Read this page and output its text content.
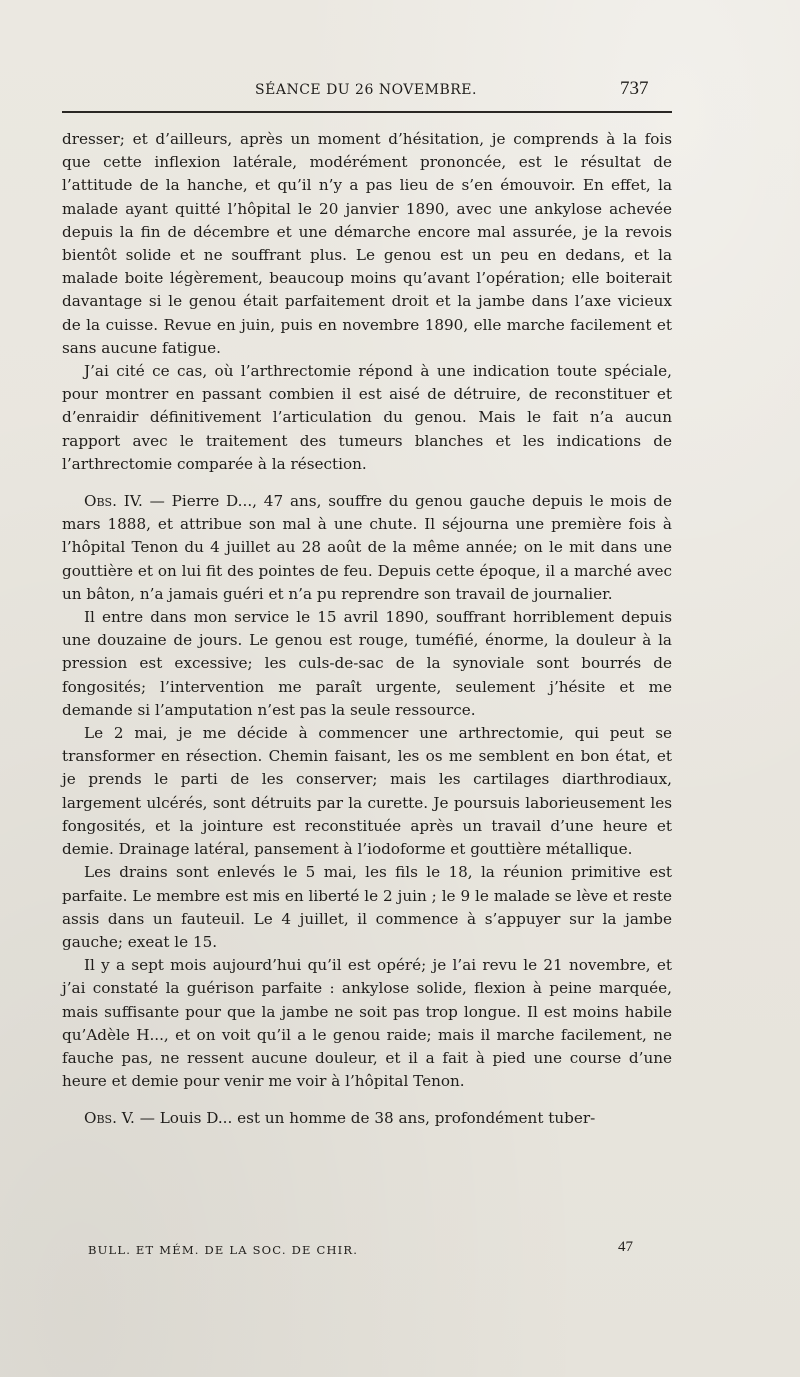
SÉANCE DU 26 NOVEMBRE.	737

dresser; et d’ailleurs, après un moment d’hésitation, je comprends à la fois que cette inflexion latérale, modérément prononcée, est le résultat de l’attitude de la hanche, et qu’il n’y a pas lieu de s’en émouvoir. En effet, la malade ayant quitté l’hôpital le 20 janvier 1890, avec une ankylose achevée depuis la fin de décembre et une démarche encore mal assurée, je la revois bientôt solide et ne souffrant plus. Le genou est un peu en dedans, et la malade boite légèrement, beaucoup moins qu’avant l’opération; elle boiterait davantage si le genou était parfaitement droit et la jambe dans l’axe vicieux de la cuisse. Revue en juin, puis en novembre 1890, elle marche facilement et sans aucune fatigue.

J’ai cité ce cas, où l’arthrectomie répond à une indication toute spéciale, pour montrer en passant combien il est aisé de détruire, de reconstituer et d’enraidir définitivement l’articulation du genou. Mais le fait n’a aucun rapport avec le traitement des tumeurs blanches et les indications de l’arthrectomie comparée à la résection.

Obs. IV. — Pierre D..., 47 ans, souffre du genou gauche depuis le mois de mars 1888, et attribue son mal à une chute. Il séjourna une première fois à l’hôpital Tenon du 4 juillet au 28 août de la même année; on le mit dans une gouttière et on lui fit des pointes de feu. Depuis cette époque, il a marché avec un bâton, n’a jamais guéri et n’a pu reprendre son travail de journalier.

Il entre dans mon service le 15 avril 1890, souffrant horriblement depuis une douzaine de jours. Le genou est rouge, tuméfié, énorme, la douleur à la pression est excessive; les culs-de-sac de la synoviale sont bourrés de fongosités; l’intervention me paraît urgente, seulement j’hésite et me demande si l’amputation n’est pas la seule ressource.

Le 2 mai, je me décide à commencer une arthrectomie, qui peut se transformer en résection. Chemin faisant, les os me semblent en bon état, et je prends le parti de les conserver; mais les cartilages diarthrodiaux, largement ulcérés, sont détruits par la curette. Je poursuis laborieusement les fongosités, et la jointure est reconstituée après un travail d’une heure et demie. Drainage latéral, pansement à l’iodoforme et gouttière métallique.

Les drains sont enlevés le 5 mai, les fils le 18, la réunion primitive est parfaite. Le membre est mis en liberté le 2 juin ; le 9 le malade se lève et reste assis dans un fauteuil. Le 4 juillet, il commence à s’appuyer sur la jambe gauche; exeat le 15.

Il y a sept mois aujourd’hui qu’il est opéré; je l’ai revu le 21 novembre, et j’ai constaté la guérison parfaite : ankylose solide, flexion à peine marquée, mais suffisante pour que la jambe ne soit pas trop longue. Il est moins habile qu’Adèle H..., et on voit qu’il a le genou raide; mais il marche facilement, ne fauche pas, ne ressent aucune douleur, et il a fait à pied une course d’une heure et demie pour venir me voir à l’hôpital Tenon.

Obs. V. — Louis D... est un homme de 38 ans, profondément tuber-

BULL. ET MÉM. DE LA SOC. DE CHIR.	47
